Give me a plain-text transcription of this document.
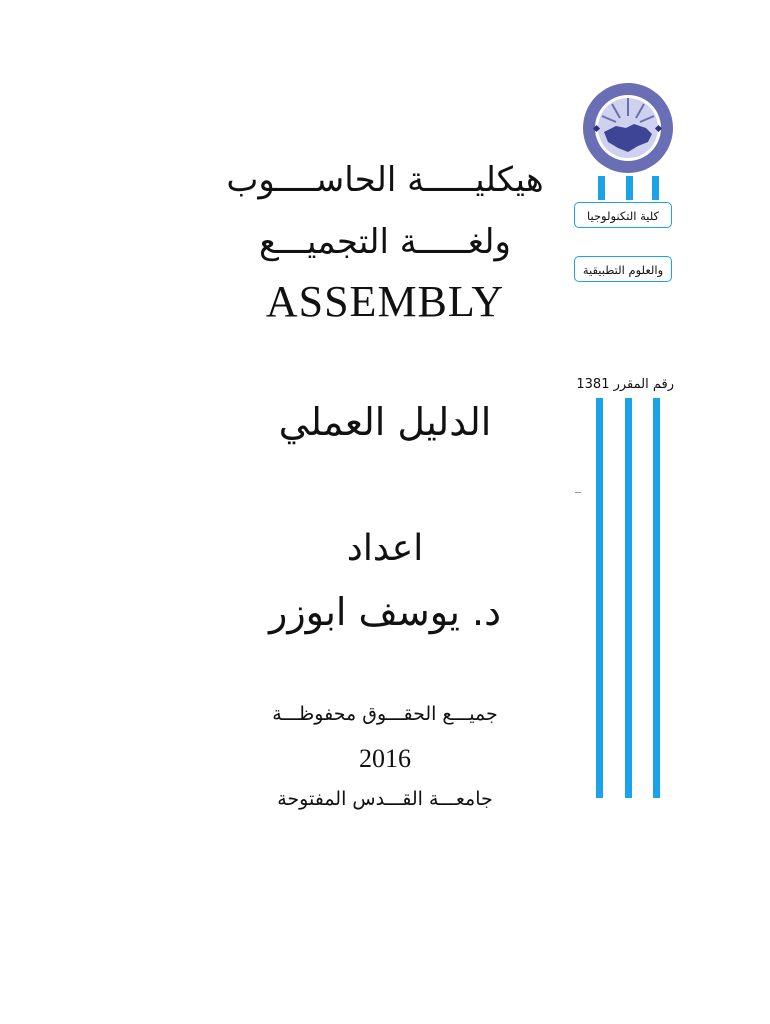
كلية التكنولوجيا
والعلوم التطبيقية
رقم المقرر 1381
هيكليـــــة الحاســــوب
ولغـــــة التجميـــع
ASSEMBLY
الدليل العملي
اعداد
د. يوسف ابوزر
جميـــع الحقـــوق محفوظـــة
2016
جامعـــة القـــدس المفتوحة
